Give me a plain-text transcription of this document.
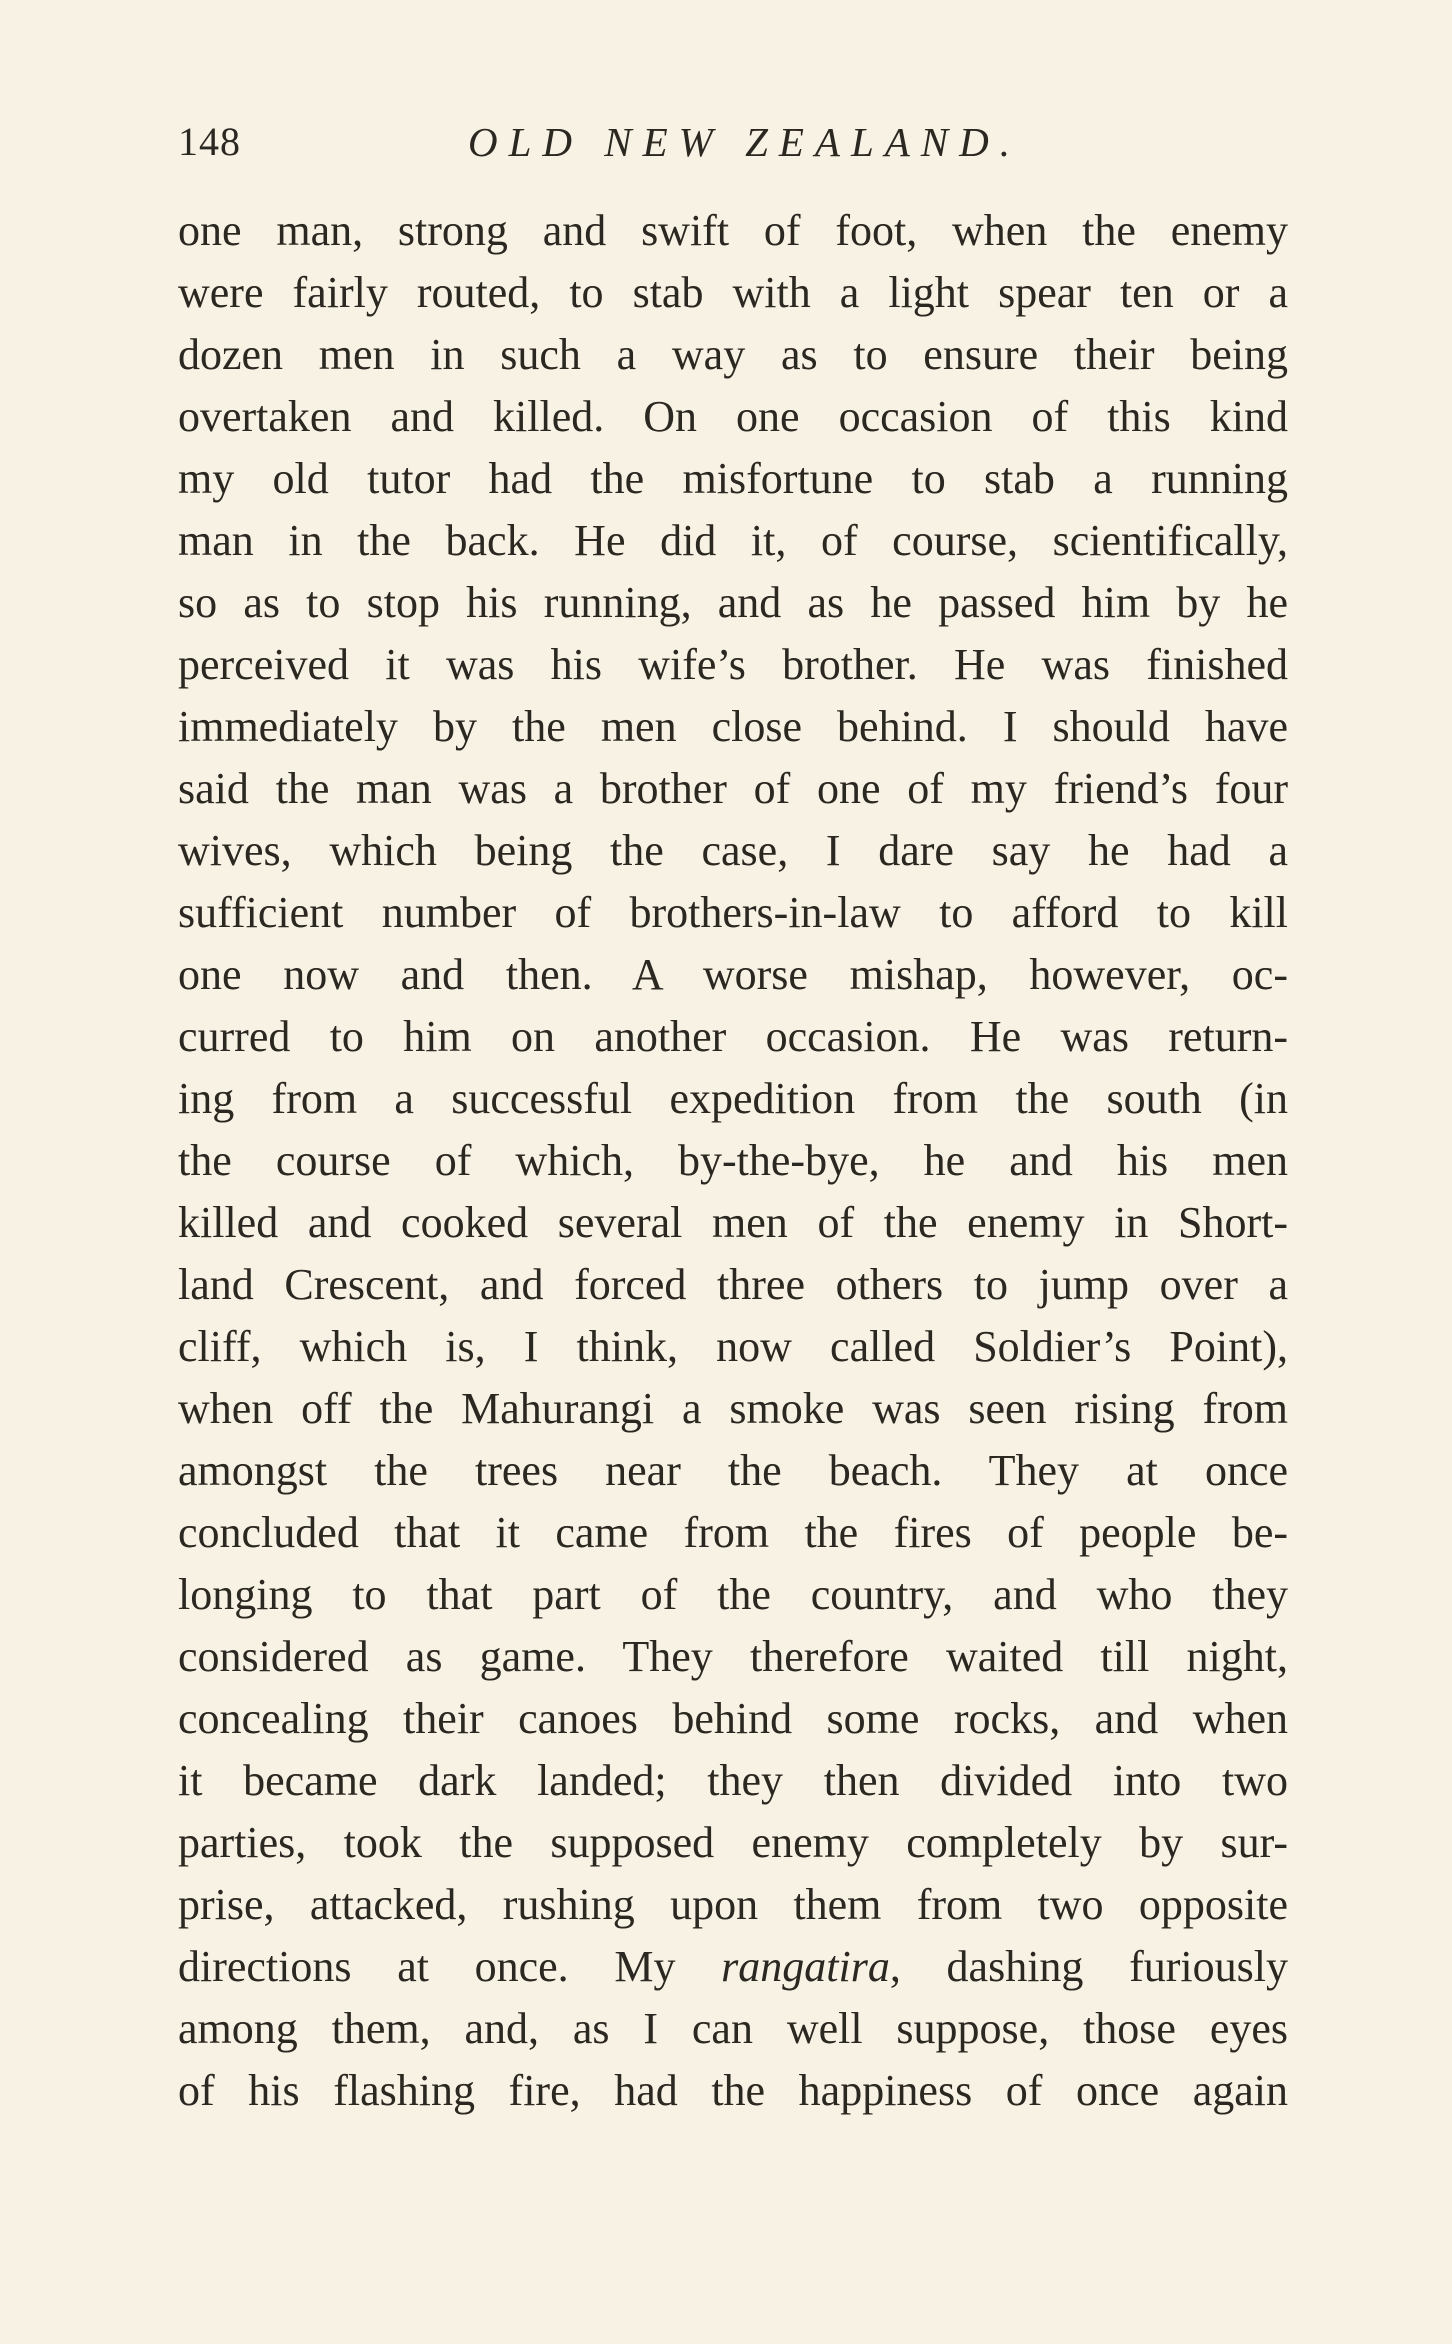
148	OLD NEW ZEALAND.
one man, strong and swift of foot, when the enemy
were fairly routed, to stab with a light spear ten or a
dozen men in such a way as to ensure their being
overtaken and killed. On one occasion of this kind
my old tutor had the misfortune to stab a running
man in the back. He did it, of course, scientifically,
so as to stop his running, and as he passed him by he
perceived it was his wife’s brother. He was finished
immediately by the men close behind. I should have
said the man was a brother of one of my friend’s four
wives, which being the case, I dare say he had a
sufficient number of brothers-in-law to afford to kill
one now and then. A worse mishap, however, oc-
curred to him on another occasion. He was return-
ing from a successful expedition from the south (in
the course of which, by-the-bye, he and his men
killed and cooked several men of the enemy in Short-
land Crescent, and forced three others to jump over a
cliff, which is, I think, now called Soldier’s Point),
when off the Mahurangi a smoke was seen rising from
amongst the trees near the beach. They at once
concluded that it came from the fires of people be-
longing to that part of the country, and who they
considered as game. They therefore waited till night,
concealing their canoes behind some rocks, and when
it became dark landed; they then divided into two
parties, took the supposed enemy completely by sur-
prise, attacked, rushing upon them from two opposite
directions at once. My rangatira, dashing furiously
among them, and, as I can well suppose, those eyes
of his flashing fire, had the happiness of once again
